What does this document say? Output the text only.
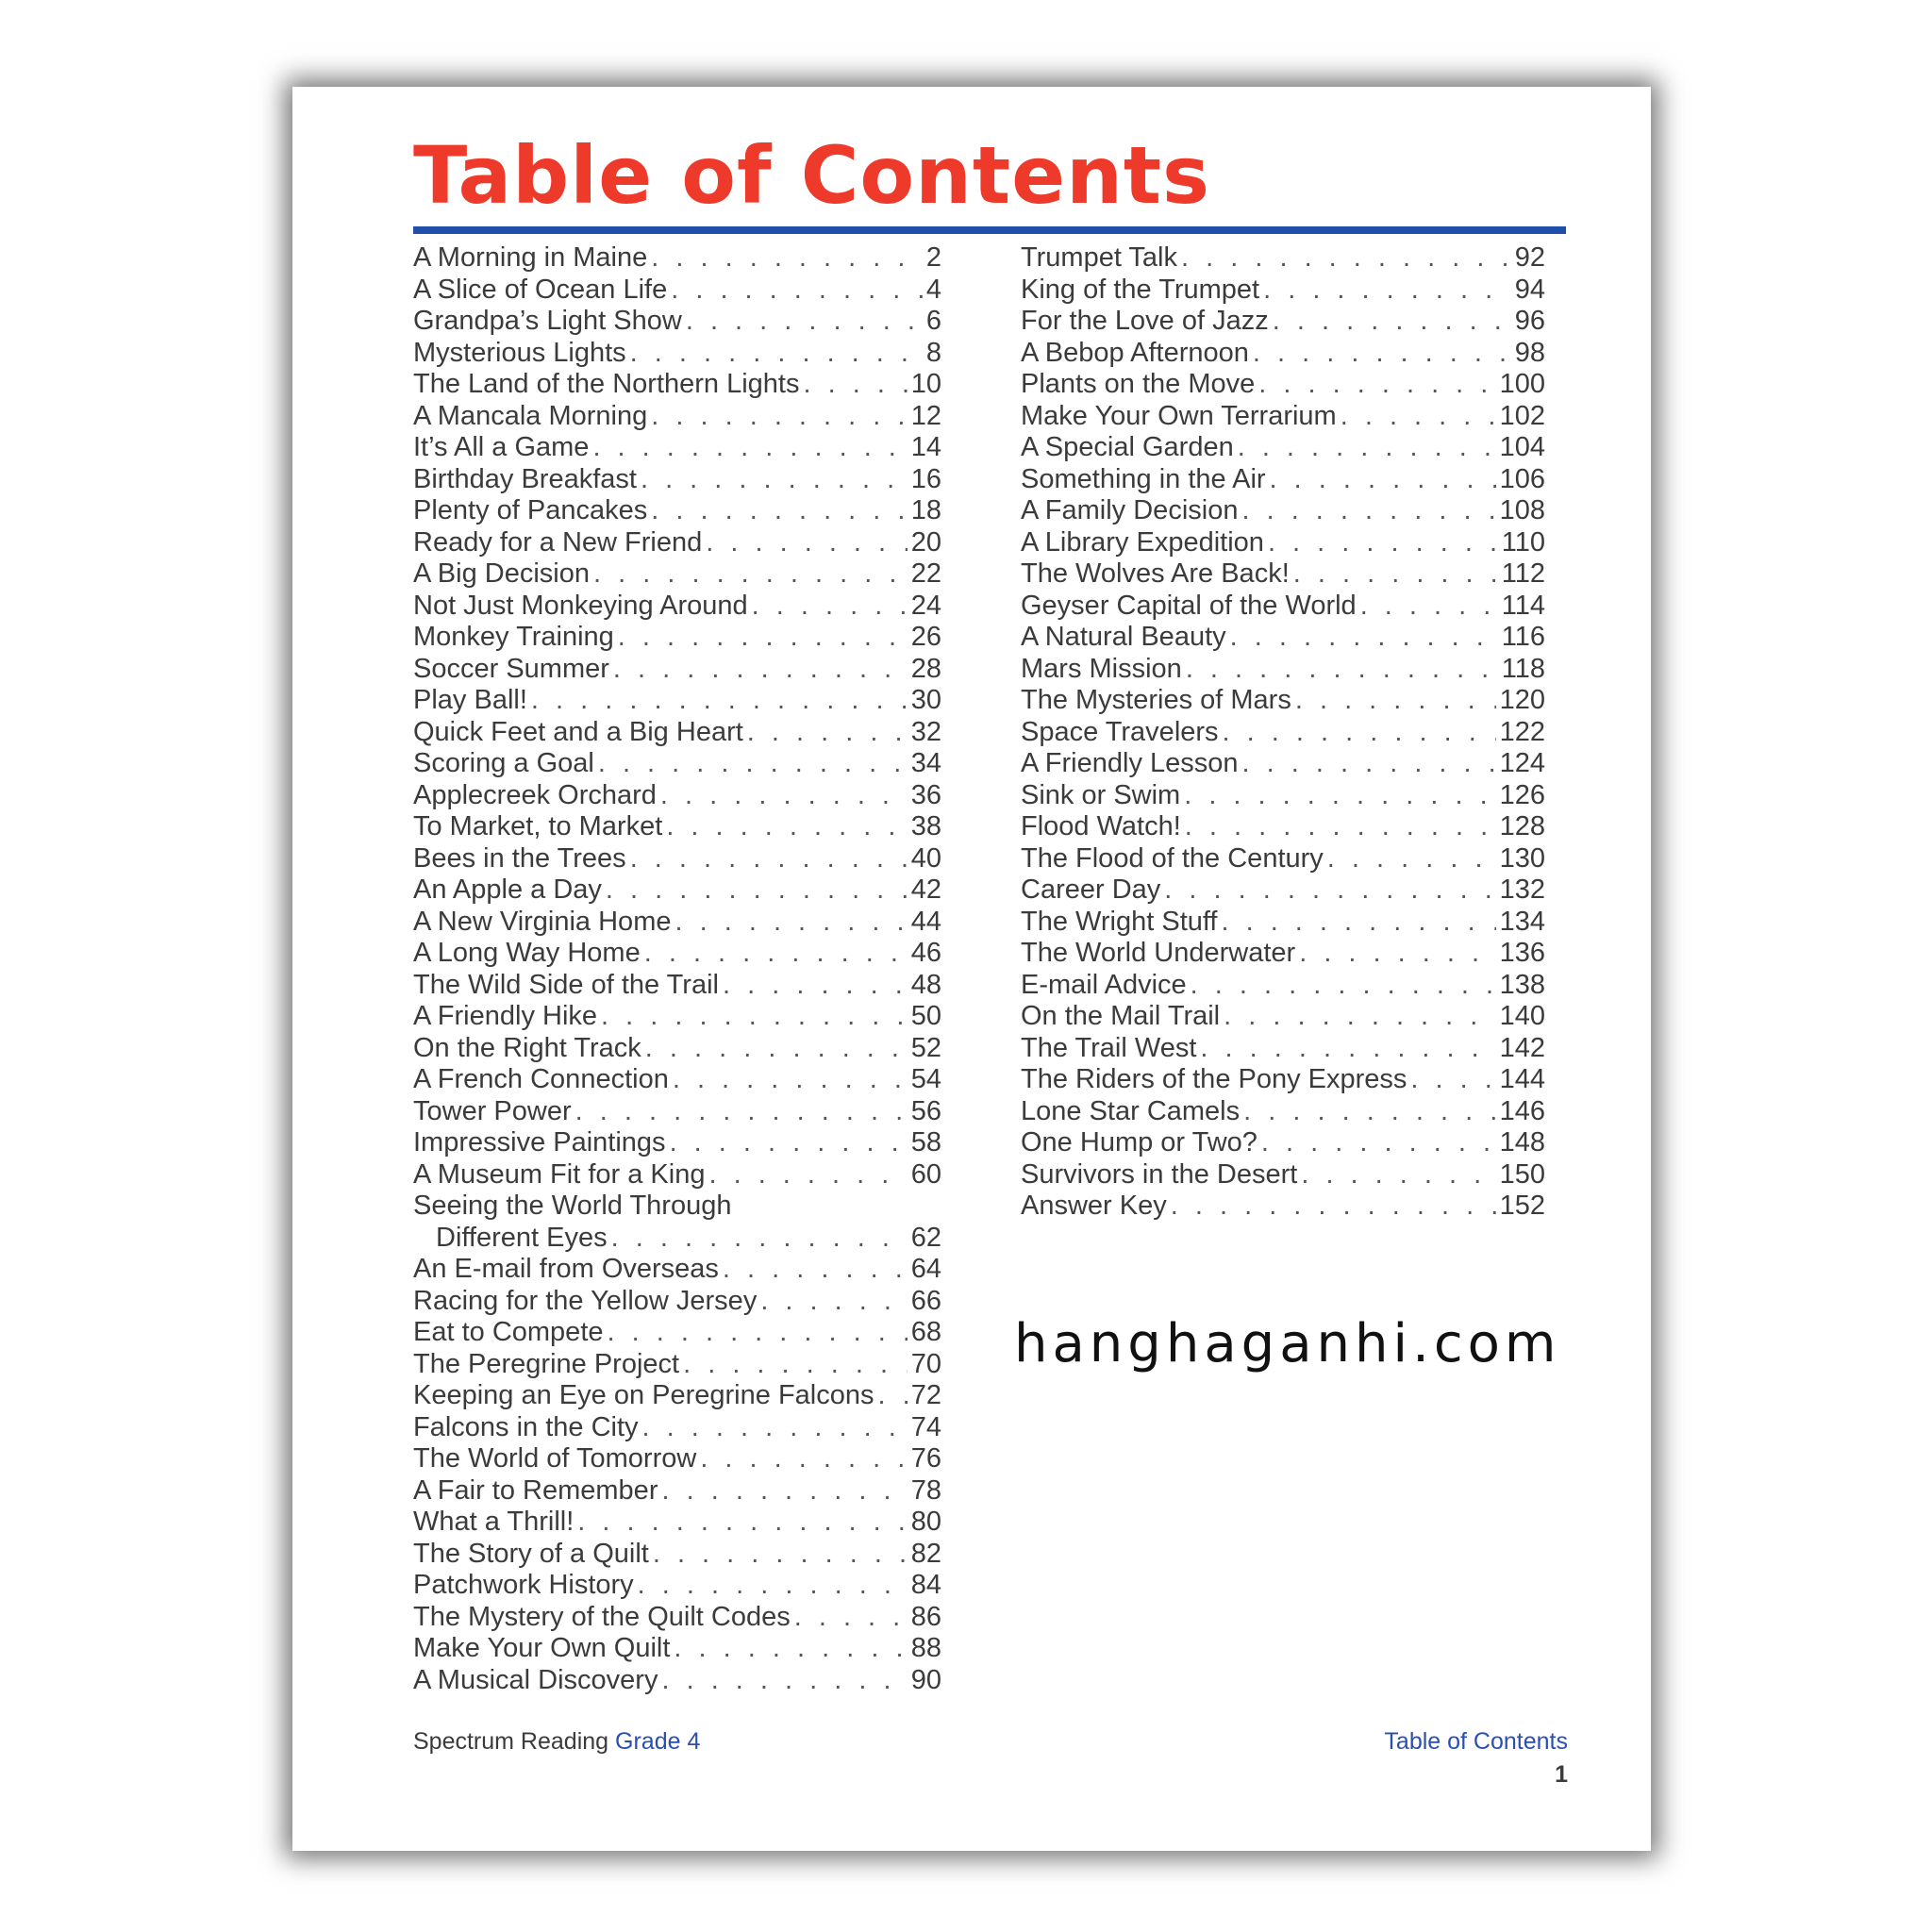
Table of Contents
A Morning in Maine . . .	2
A Slice of Ocean Life . . .	4
Grandpa’s Light Show . . .	6
Mysterious Lights . . .	8
The Land of the Northern Lights . . .	10
A Mancala Morning . . .	12
It’s All a Game . . .	14
Birthday Breakfast . . .	16
Plenty of Pancakes . . .	18
Ready for a New Friend . . .	20
A Big Decision . . .	22
Not Just Monkeying Around . . .	24
Monkey Training . . .	26
Soccer Summer . . .	28
Play Ball! . . .	30
Quick Feet and a Big Heart . . .	32
Scoring a Goal . . .	34
Applecreek Orchard . . .	36
To Market, to Market . . .	38
Bees in the Trees . . .	40
An Apple a Day . . .	42
A New Virginia Home . . .	44
A Long Way Home . . .	46
The Wild Side of the Trail . . .	48
A Friendly Hike . . .	50
On the Right Track . . .	52
A French Connection . . .	54
Tower Power . . .	56
Impressive Paintings . . .	58
A Museum Fit for a King . . .	60
Seeing the World Through
Different Eyes . . .	62
An E-mail from Overseas . . .	64
Racing for the Yellow Jersey . . .	66
Eat to Compete . . .	68
The Peregrine Project . . .	70
Keeping an Eye on Peregrine Falcons . . . 72
Falcons in the City . . .	74
The World of Tomorrow . . .	76
A Fair to Remember . . .	78
What a Thrill! . . .	80
The Story of a Quilt . . .	82
Patchwork History . . .	84
The Mystery of the Quilt Codes . . .	86
Make Your Own Quilt . . .	88
A Musical Discovery . . .	90
Trumpet Talk . . .	92
King of the Trumpet . . .	94
For the Love of Jazz . . .	96
A Bebop Afternoon . . .	98
Plants on the Move . . .	100
Make Your Own Terrarium . . .	102
A Special Garden . . .	104
Something in the Air . . .	106
A Family Decision . . .	108
A Library Expedition . . .	110
The Wolves Are Back! . . .	112
Geyser Capital of the World . . .	114
A Natural Beauty . . .	116
Mars Mission . . .	118
The Mysteries of Mars . . .	120
Space Travelers . . .	122
A Friendly Lesson . . .	124
Sink or Swim . . .	126
Flood Watch! . . .	128
The Flood of the Century . . .	130
Career Day . . .	132
The Wright Stuff . . .	134
The World Underwater . . .	136
E-mail Advice . . .	138
On the Mail Trail . . .	140
The Trail West . . .	142
The Riders of the Pony Express . . .	144
Lone Star Camels . . .	146
One Hump or Two? . . .	148
Survivors in the Desert . . .	150
Answer Key . . .	152
hanghaganhi.com
Spectrum Reading Grade 4	Table of Contents
1
